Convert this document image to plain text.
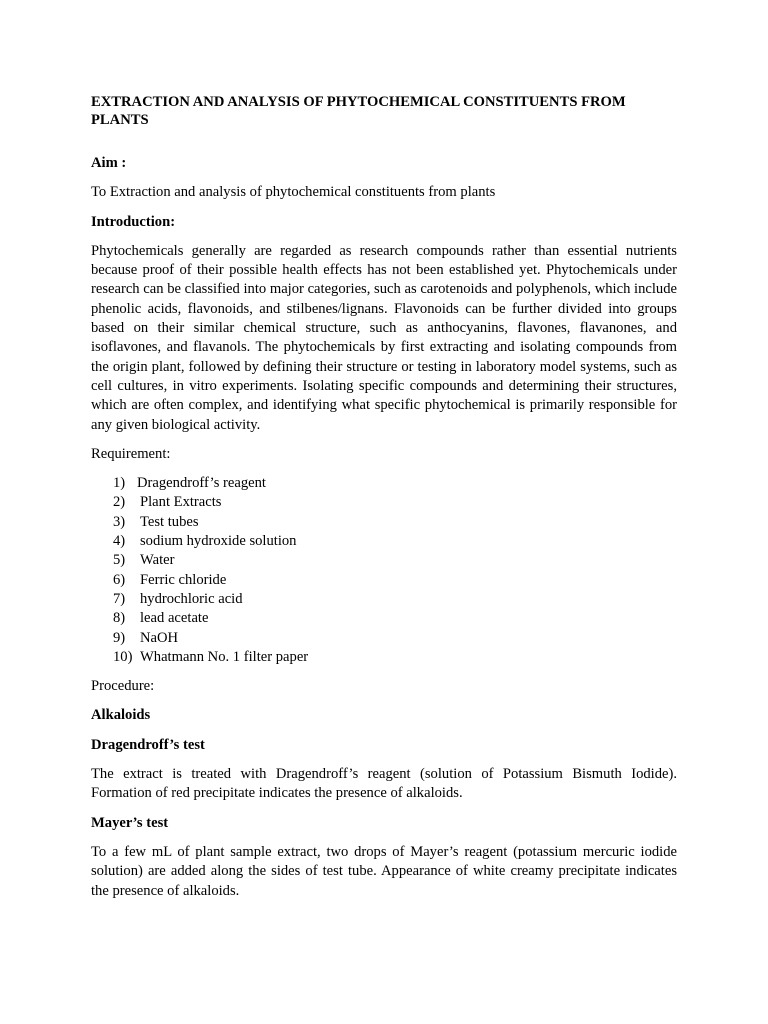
EXTRACTION AND ANALYSIS OF PHYTOCHEMICAL CONSTITUENTS FROM PLANTS

Aim :

To Extraction and analysis of phytochemical constituents from plants

Introduction:

Phytochemicals generally are regarded as research compounds rather than essential nutrients because proof of their possible health effects has not been established yet. Phytochemicals under research can be classified into major categories, such as carotenoids and polyphenols, which include phenolic acids, flavonoids, and stilbenes/lignans. Flavonoids can be further divided into groups based on their similar chemical structure, such as anthocyanins, flavones, flavanones, and isoflavones, and flavanols. The phytochemicals by first extracting and isolating compounds from the origin plant, followed by defining their structure or testing in laboratory model systems, such as cell cultures, in vitro experiments. Isolating specific compounds and determining their structures, which are often complex, and identifying what specific phytochemical is primarily responsible for any given biological activity.

Requirement:

1) Dragendroff’s reagent
2)	Plant Extracts
3)	Test tubes
4)	sodium hydroxide solution
5)	Water
6)	Ferric chloride
7)	hydrochloric acid
8)	lead acetate
9)	NaOH
10) Whatmann No. 1 filter paper

Procedure:

Alkaloids

Dragendroff’s test

The extract is treated with Dragendroff’s reagent (solution of Potassium Bismuth Iodide). Formation of red precipitate indicates the presence of alkaloids.

Mayer’s test

To a few mL of plant sample extract, two drops of Mayer’s reagent (potassium mercuric iodide solution) are added along the sides of test tube. Appearance of white creamy precipitate indicates the presence of alkaloids.
